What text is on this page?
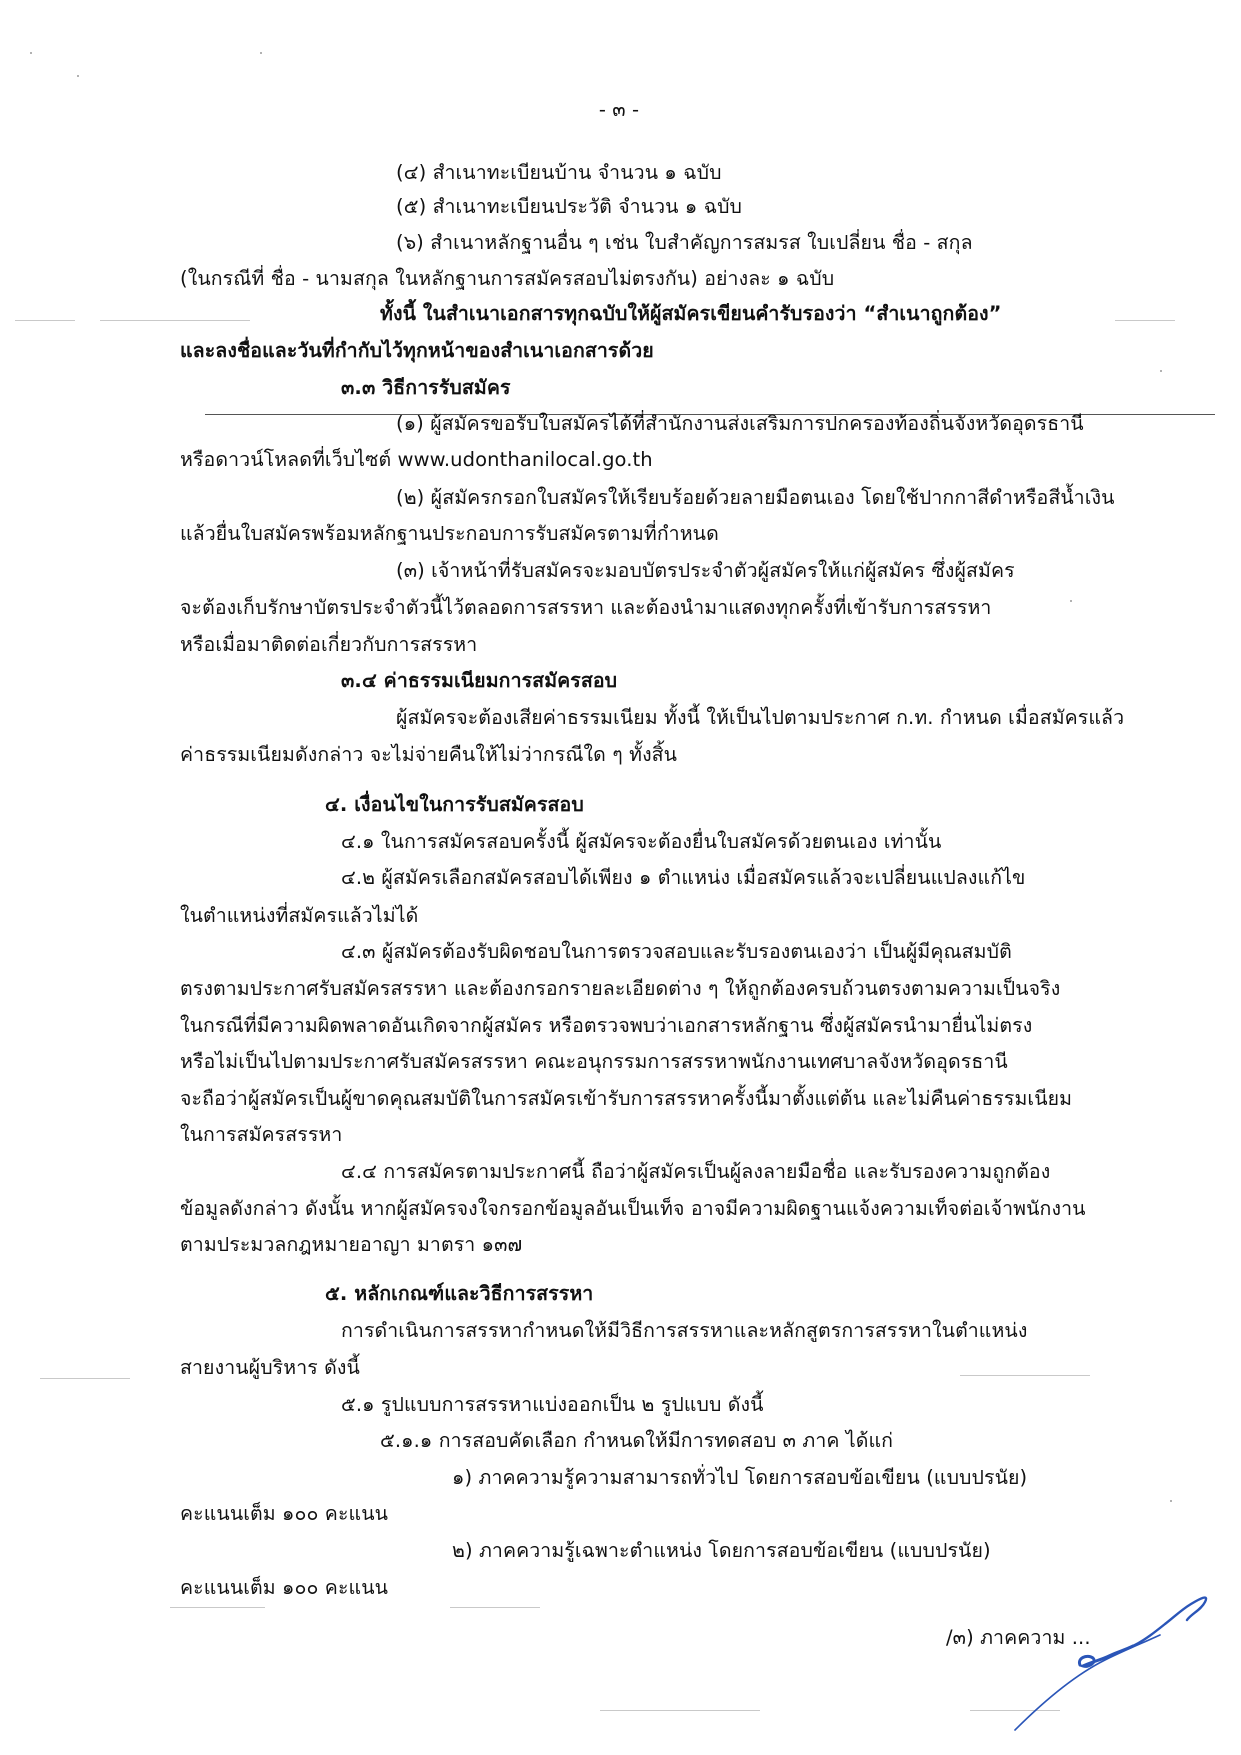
- ๓ -
(๔) สำเนาทะเบียนบ้าน จำนวน ๑ ฉบับ
(๕) สำเนาทะเบียนประวัติ จำนวน ๑ ฉบับ
(๖) สำเนาหลักฐานอื่น ๆ เช่น ใบสำคัญการสมรส ใบเปลี่ยน ชื่อ - สกุล
(ในกรณีที่ ชื่อ - นามสกุล ในหลักฐานการสมัครสอบไม่ตรงกัน) อย่างละ ๑ ฉบับ
ทั้งนี้ ในสำเนาเอกสารทุกฉบับให้ผู้สมัครเขียนคำรับรองว่า “สำเนาถูกต้อง”
และลงชื่อและวันที่กำกับไว้ทุกหน้าของสำเนาเอกสารด้วย
๓.๓ วิธีการรับสมัคร
(๑) ผู้สมัครขอรับใบสมัครได้ที่สำนักงานส่งเสริมการปกครองท้องถิ่นจังหวัดอุดรธานี
หรือดาวน์โหลดที่เว็บไซต์ www.udonthanilocal.go.th
(๒) ผู้สมัครกรอกใบสมัครให้เรียบร้อยด้วยลายมือตนเอง โดยใช้ปากกาสีดำหรือสีน้ำเงิน
แล้วยื่นใบสมัครพร้อมหลักฐานประกอบการรับสมัครตามที่กำหนด
(๓) เจ้าหน้าที่รับสมัครจะมอบบัตรประจำตัวผู้สมัครให้แก่ผู้สมัคร ซึ่งผู้สมัคร
จะต้องเก็บรักษาบัตรประจำตัวนี้ไว้ตลอดการสรรหา และต้องนำมาแสดงทุกครั้งที่เข้ารับการสรรหา
หรือเมื่อมาติดต่อเกี่ยวกับการสรรหา
๓.๔ ค่าธรรมเนียมการสมัครสอบ
ผู้สมัครจะต้องเสียค่าธรรมเนียม ทั้งนี้ ให้เป็นไปตามประกาศ ก.ท. กำหนด เมื่อสมัครแล้ว
ค่าธรรมเนียมดังกล่าว จะไม่จ่ายคืนให้ไม่ว่ากรณีใด ๆ ทั้งสิ้น
๔. เงื่อนไขในการรับสมัครสอบ
๔.๑ ในการสมัครสอบครั้งนี้ ผู้สมัครจะต้องยื่นใบสมัครด้วยตนเอง เท่านั้น
๔.๒ ผู้สมัครเลือกสมัครสอบได้เพียง ๑ ตำแหน่ง เมื่อสมัครแล้วจะเปลี่ยนแปลงแก้ไข
ในตำแหน่งที่สมัครแล้วไม่ได้
๔.๓ ผู้สมัครต้องรับผิดชอบในการตรวจสอบและรับรองตนเองว่า เป็นผู้มีคุณสมบัติ
ตรงตามประกาศรับสมัครสรรหา และต้องกรอกรายละเอียดต่าง ๆ ให้ถูกต้องครบถ้วนตรงตามความเป็นจริง
ในกรณีที่มีความผิดพลาดอันเกิดจากผู้สมัคร หรือตรวจพบว่าเอกสารหลักฐาน ซึ่งผู้สมัครนำมายื่นไม่ตรง
หรือไม่เป็นไปตามประกาศรับสมัครสรรหา คณะอนุกรรมการสรรหาพนักงานเทศบาลจังหวัดอุดรธานี
จะถือว่าผู้สมัครเป็นผู้ขาดคุณสมบัติในการสมัครเข้ารับการสรรหาครั้งนี้มาตั้งแต่ต้น และไม่คืนค่าธรรมเนียม
ในการสมัครสรรหา
๔.๔ การสมัครตามประกาศนี้ ถือว่าผู้สมัครเป็นผู้ลงลายมือชื่อ และรับรองความถูกต้อง
ข้อมูลดังกล่าว ดังนั้น หากผู้สมัครจงใจกรอกข้อมูลอันเป็นเท็จ อาจมีความผิดฐานแจ้งความเท็จต่อเจ้าพนักงาน
ตามประมวลกฎหมายอาญา มาตรา ๑๓๗
๕. หลักเกณฑ์และวิธีการสรรหา
การดำเนินการสรรหากำหนดให้มีวิธีการสรรหาและหลักสูตรการสรรหาในตำแหน่ง
สายงานผู้บริหาร ดังนี้
๕.๑ รูปแบบการสรรหาแบ่งออกเป็น ๒ รูปแบบ ดังนี้
๕.๑.๑ การสอบคัดเลือก กำหนดให้มีการทดสอบ ๓ ภาค ได้แก่
๑) ภาคความรู้ความสามารถทั่วไป โดยการสอบข้อเขียน (แบบปรนัย)
คะแนนเต็ม ๑๐๐ คะแนน
๒) ภาคความรู้เฉพาะตำแหน่ง โดยการสอบข้อเขียน (แบบปรนัย)
คะแนนเต็ม ๑๐๐ คะแนน
/๓) ภาคความ ...
